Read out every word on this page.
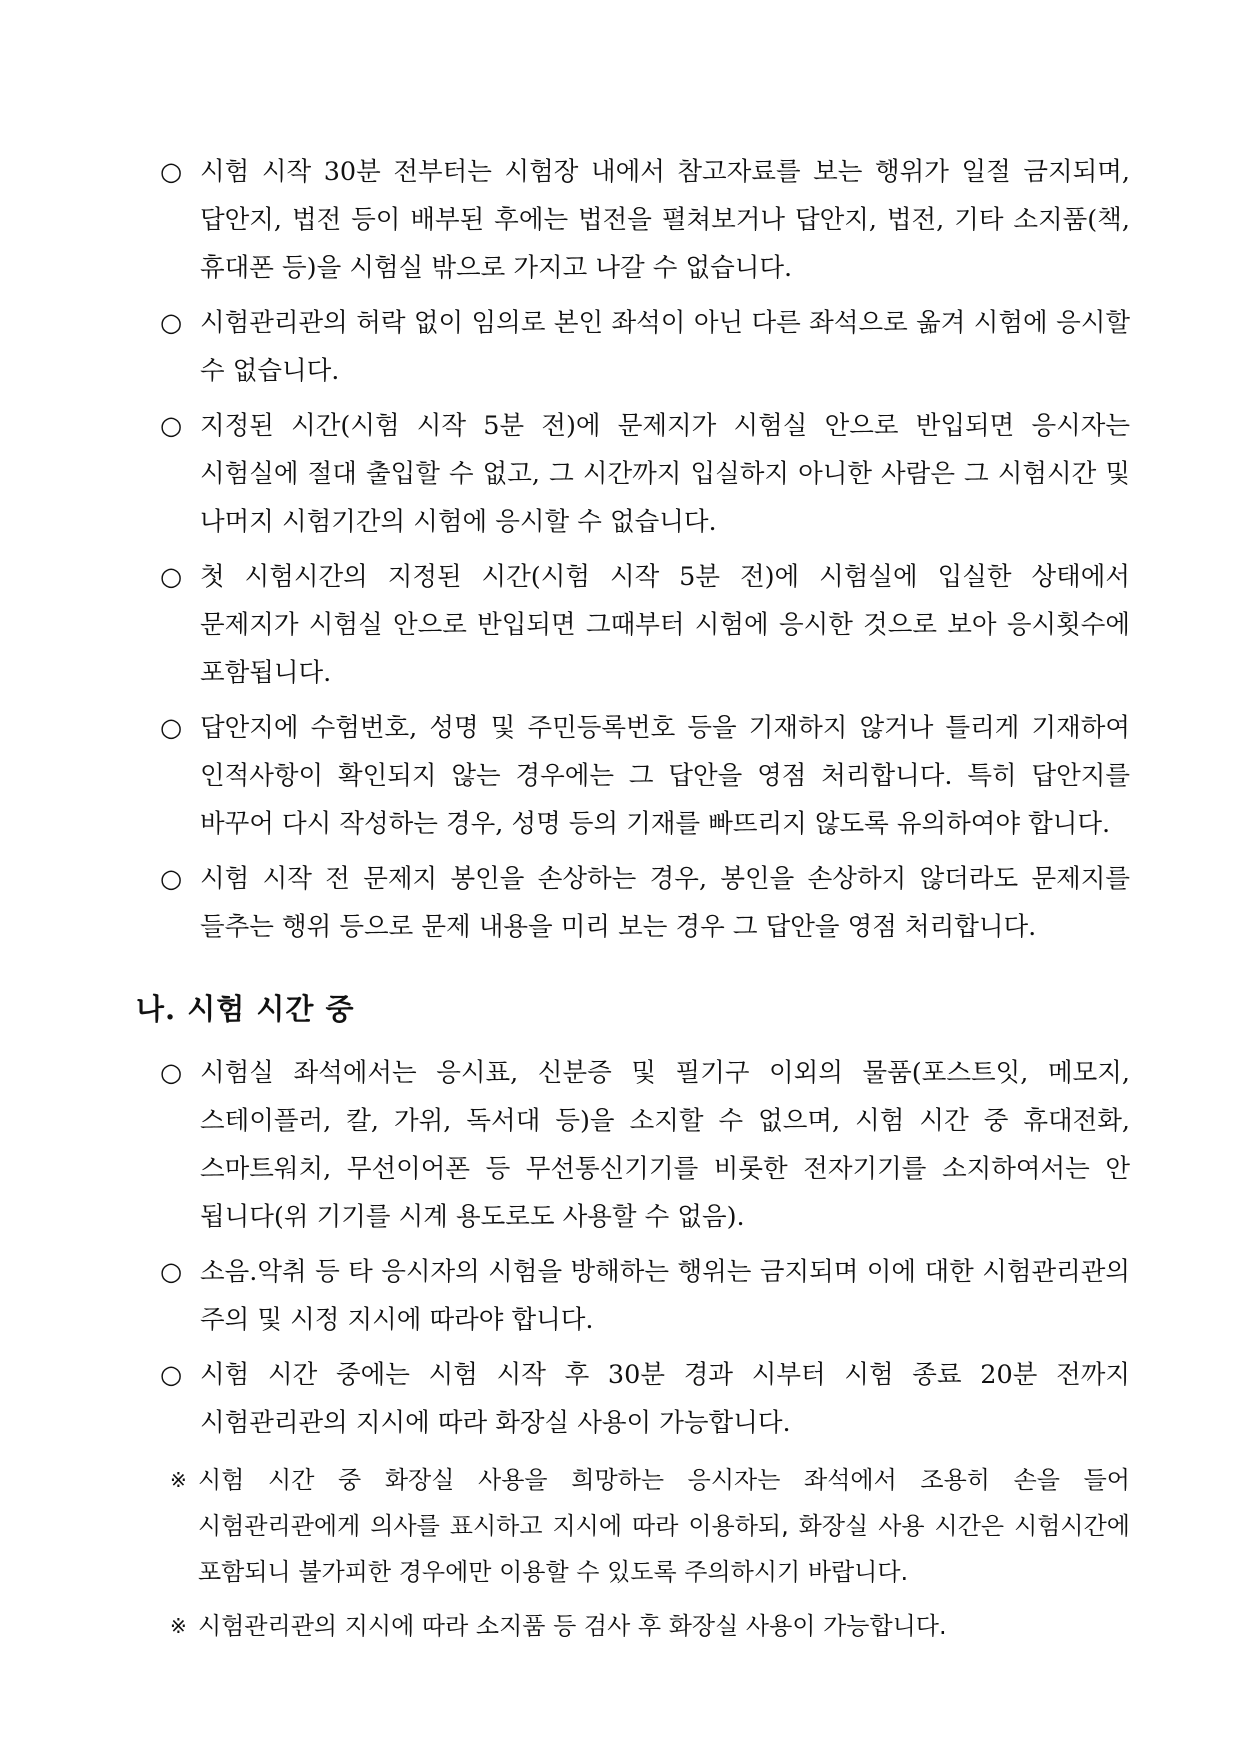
○ 시험 시작 30분 전부터는 시험장 내에서 참고자료를 보는 행위가 일절 금지되며, 답안지, 법전 등이 배부된 후에는 법전을 펼쳐보거나 답안지, 법전, 기타 소지품(책, 휴대폰 등)을 시험실 밖으로 가지고 나갈 수 없습니다.
○ 시험관리관의 허락 없이 임의로 본인 좌석이 아닌 다른 좌석으로 옮겨 시험에 응시할 수 없습니다.
○ 지정된 시간(시험 시작 5분 전)에 문제지가 시험실 안으로 반입되면 응시자는 시험실에 절대 출입할 수 없고, 그 시간까지 입실하지 아니한 사람은 그 시험시간 및 나머지 시험기간의 시험에 응시할 수 없습니다.
○ 첫 시험시간의 지정된 시간(시험 시작 5분 전)에 시험실에 입실한 상태에서 문제지가 시험실 안으로 반입되면 그때부터 시험에 응시한 것으로 보아 응시횟수에 포함됩니다.
○ 답안지에 수험번호, 성명 및 주민등록번호 등을 기재하지 않거나 틀리게 기재하여 인적사항이 확인되지 않는 경우에는 그 답안을 영점 처리합니다. 특히 답안지를 바꾸어 다시 작성하는 경우, 성명 등의 기재를 빠뜨리지 않도록 유의하여야 합니다.
○ 시험 시작 전 문제지 봉인을 손상하는 경우, 봉인을 손상하지 않더라도 문제지를 들추는 행위 등으로 문제 내용을 미리 보는 경우 그 답안을 영점 처리합니다.
나. 시험 시간 중
○ 시험실 좌석에서는 응시표, 신분증 및 필기구 이외의 물품(포스트잇, 메모지, 스테이플러, 칼, 가위, 독서대 등)을 소지할 수 없으며, 시험 시간 중 휴대전화, 스마트워치, 무선이어폰 등 무선통신기기를 비롯한 전자기기를 소지하여서는 안 됩니다(위 기기를 시계 용도로도 사용할 수 없음).
○ 소음.악취 등 타 응시자의 시험을 방해하는 행위는 금지되며 이에 대한 시험관리관의 주의 및 시정 지시에 따라야 합니다.
○ 시험 시간 중에는 시험 시작 후 30분 경과 시부터 시험 종료 20분 전까지 시험관리관의 지시에 따라 화장실 사용이 가능합니다.
※ 시험 시간 중 화장실 사용을 희망하는 응시자는 좌석에서 조용히 손을 들어 시험관리관에게 의사를 표시하고 지시에 따라 이용하되, 화장실 사용 시간은 시험시간에 포함되니 불가피한 경우에만 이용할 수 있도록 주의하시기 바랍니다.
※ 시험관리관의 지시에 따라 소지품 등 검사 후 화장실 사용이 가능합니다.
